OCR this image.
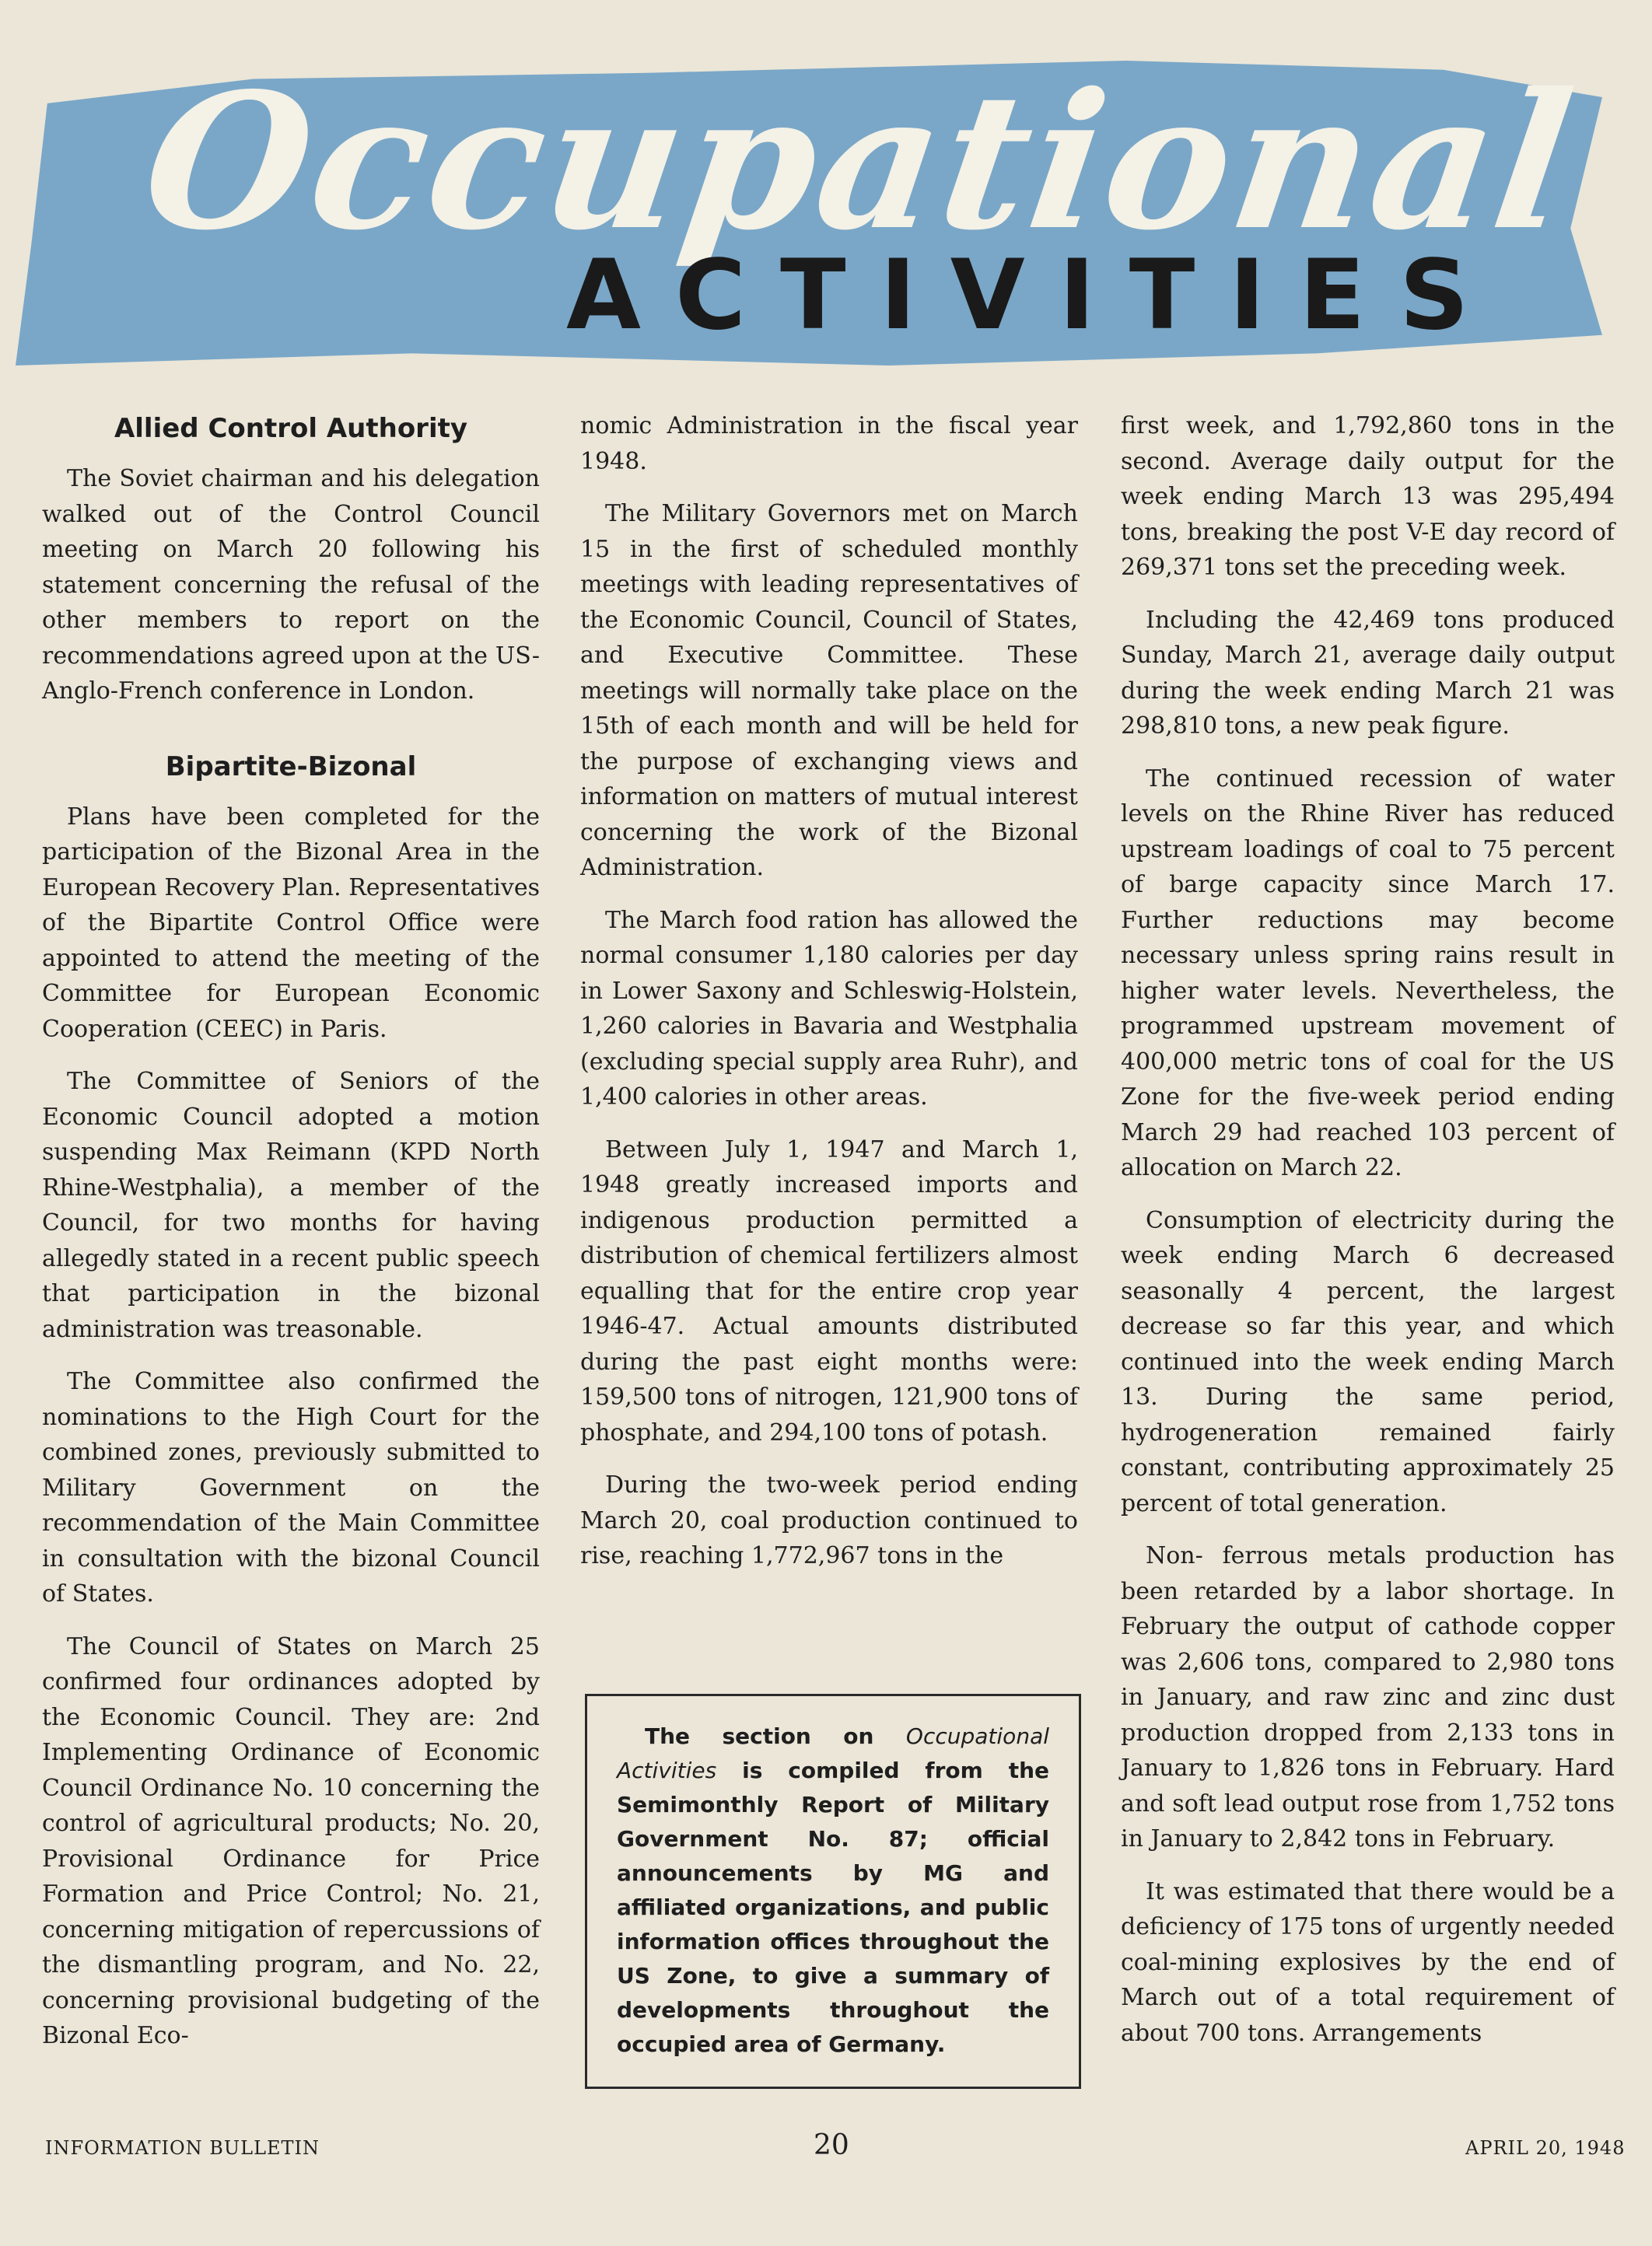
Occupational
ACTIVITIES
Allied Control Authority

The Soviet chairman and his delegation walked out of the Control Council meeting on March 20 following his statement concerning the refusal of the other members to report on the recommendations agreed upon at the US-Anglo-French conference in London.

Bipartite-Bizonal

Plans have been completed for the participation of the Bizonal Area in the European Recovery Plan. Representatives of the Bipartite Control Office were appointed to attend the meeting of the Committee for European Economic Cooperation (CEEC) in Paris.

The Committee of Seniors of the Economic Council adopted a motion suspending Max Reimann (KPD North Rhine-Westphalia), a member of the Council, for two months for having allegedly stated in a recent public speech that participation in the bizonal administration was treasonable.

The Committee also confirmed the nominations to the High Court for the combined zones, previously submitted to Military Government on the recommendation of the Main Committee in consultation with the bizonal Council of States.

The Council of States on March 25 confirmed four ordinances adopted by the Economic Council. They are: 2nd Implementing Ordinance of Economic Council Ordinance No. 10 concerning the control of agricultural products; No. 20, Provisional Ordinance for Price Formation and Price Control; No. 21, concerning mitigation of repercussions of the dismantling program, and No. 22, concerning provisional budgeting of the Bizonal Eco-

nomic Administration in the fiscal year 1948.

The Military Governors met on March 15 in the first of scheduled monthly meetings with leading representatives of the Economic Council, Council of States, and Executive Committee. These meetings will normally take place on the 15th of each month and will be held for the purpose of exchanging views and information on matters of mutual interest concerning the work of the Bizonal Administration.

The March food ration has allowed the normal consumer 1,180 calories per day in Lower Saxony and Schleswig-Holstein, 1,260 calories in Bavaria and Westphalia (excluding special supply area Ruhr), and 1,400 calories in other areas.

Between July 1, 1947 and March 1, 1948 greatly increased imports and indigenous production permitted a distribution of chemical fertilizers almost equalling that for the entire crop year 1946-47. Actual amounts distributed during the past eight months were: 159,500 tons of nitrogen, 121,900 tons of phosphate, and 294,100 tons of potash.

During the two-week period ending March 20, coal production continued to rise, reaching 1,772,967 tons in the

The section on Occupational Activities is compiled from the Semimonthly Report of Military Government No. 87; official announcements by MG and affiliated organizations, and public information offices throughout the US Zone, to give a summary of developments throughout the occupied area of Germany.

first week, and 1,792,860 tons in the second. Average daily output for the week ending March 13 was 295,494 tons, breaking the post V-E day record of 269,371 tons set the preceding week.

Including the 42,469 tons produced Sunday, March 21, average daily output during the week ending March 21 was 298,810 tons, a new peak figure.

The continued recession of water levels on the Rhine River has reduced upstream loadings of coal to 75 percent of barge capacity since March 17. Further reductions may become necessary unless spring rains result in higher water levels. Nevertheless, the programmed upstream movement of 400,000 metric tons of coal for the US Zone for the five-week period ending March 29 had reached 103 percent of allocation on March 22.

Consumption of electricity during the week ending March 6 decreased seasonally 4 percent, the largest decrease so far this year, and which continued into the week ending March 13. During the same period, hydrogeneration remained fairly constant, contributing approximately 25 percent of total generation.

Non- ferrous metals production has been retarded by a labor shortage. In February the output of cathode copper was 2,606 tons, compared to 2,980 tons in January, and raw zinc and zinc dust production dropped from 2,133 tons in January to 1,826 tons in February. Hard and soft lead output rose from 1,752 tons in January to 2,842 tons in February.

It was estimated that there would be a deficiency of 175 tons of urgently needed coal-mining explosives by the end of March out of a total requirement of about 700 tons. Arrangements

INFORMATION BULLETIN	20	APRIL 20, 1948
